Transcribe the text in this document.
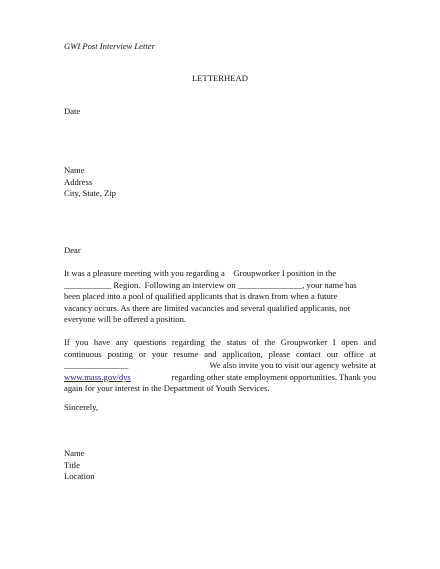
GWI Post Interview Letter
LETTERHEAD
Date
Name
Address
City, State, Zip
Dear
It was a pleasure meeting with you regarding a    Groupworker I position in the
___________ Region.  Following an interview on _______________, your name has
been placed into a pool of qualified applicants that is drawn from when a future
vacancy occurs. As there are limited vacancies and several qualified applicants, not
everyone will be offered a position.
If you have any questions regarding the status of the Groupworker I open and
continuous posting or your resume and application, please contact our office at
_______________	We also invite you to visit our agency website at
www.mass.gov/dys	regarding other state employment opportunities. Thank you
again for your interest in the Department of Youth Services.
Sincerely,
Name
Title
Location
